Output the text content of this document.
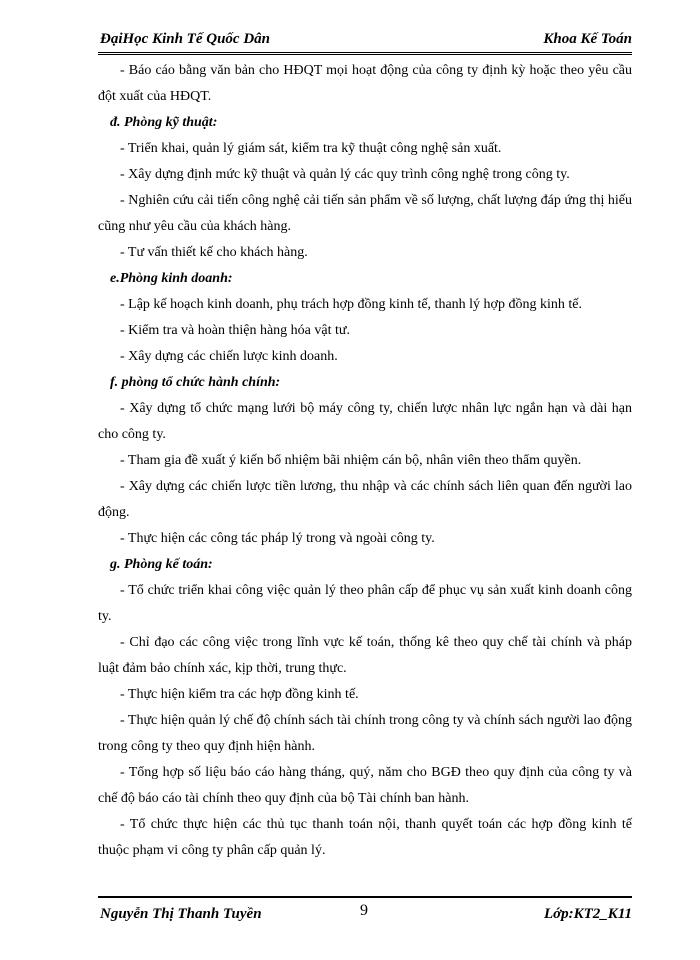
ĐạiHọc Kinh Tế Quốc Dân	Khoa Kế Toán

- Báo cáo bằng văn bản cho HĐQT mọi hoạt động của công ty định kỳ hoặc theo yêu cầu đột xuất của HĐQT.

đ. Phòng kỹ thuật:

- Triển khai, quản lý giám sát, kiểm tra kỹ thuật công nghệ sản xuất.

- Xây dựng định mức kỹ thuật và quản lý các quy trình công nghệ trong công ty.

- Nghiên cứu cải tiến công nghệ cải tiến sản phẩm về số lượng, chất lượng đáp ứng thị hiếu cũng như yêu cầu của khách hàng.

- Tư vấn thiết kế cho khách hàng.

e.Phòng kinh doanh:

- Lập kế hoạch kinh doanh, phụ trách hợp đồng kinh tế, thanh lý hợp đồng kinh tế.

- Kiểm tra và hoàn thiện hàng hóa vật tư.

- Xây dựng các chiến lược kinh doanh.

f. phòng tổ chức hành chính:

- Xây dựng tổ chức mạng lưới bộ máy công ty, chiến lược nhân lực ngắn hạn và dài hạn cho công ty.

- Tham gia đề xuất ý kiến bổ nhiệm bãi nhiệm cán bộ, nhân viên theo thẩm quyền.

- Xây dựng các chiến lược tiền lương, thu nhập và các chính sách liên quan đến người lao động.

- Thực hiện các công tác pháp lý trong và ngoài công ty.

g. Phòng kế toán:

- Tổ chức triển khai công việc quản lý theo phân cấp để phục vụ sản xuất kinh doanh công ty.

- Chỉ đạo các công việc trong lĩnh vực kế toán, thống kê theo quy chế tài chính và pháp luật đảm bảo chính xác, kịp thời, trung thực.

- Thực hiện kiểm tra các hợp đồng kinh tế.

- Thực hiện quản lý chế độ chính sách tài chính trong công ty và chính sách người lao động trong công ty theo quy định hiện hành.

- Tổng hợp số liệu báo cáo hàng tháng, quý, năm cho BGĐ theo quy định của công ty và chế độ báo cáo tài chính theo quy định của bộ Tài chính ban hành.

- Tổ chức thực hiện các thủ tục thanh toán nội, thanh quyết toán các hợp đồng kinh tế thuộc phạm vi công ty phân cấp quản lý.

Nguyễn Thị Thanh Tuyền	9	Lớp:KT2_K11
